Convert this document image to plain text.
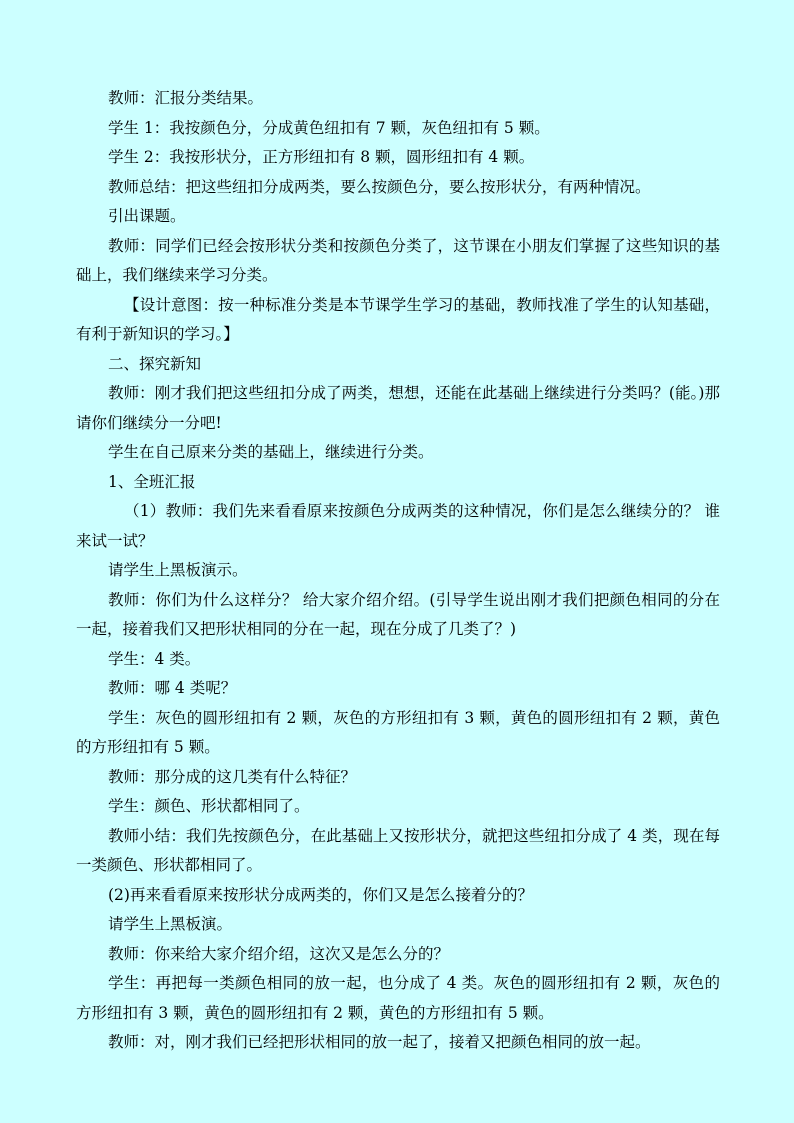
教师：汇报分类结果。

学生 1：我按颜色分，分成黄色纽扣有 7 颗，灰色纽扣有 5 颗。

学生 2：我按形状分，正方形纽扣有 8 颗，圆形纽扣有 4 颗。

教师总结：把这些纽扣分成两类，要么按颜色分，要么按形状分，有两种情况。

引出课题。

教师：同学们已经会按形状分类和按颜色分类了，这节课在小朋友们掌握了这些知识的基础上，我们继续来学习分类。

【设计意图：按一种标准分类是本节课学生学习的基础，教师找准了学生的认知基础，有利于新知识的学习。】

二、探究新知

教师：刚才我们把这些纽扣分成了两类，想想，还能在此基础上继续进行分类吗？(能。)那请你们继续分一分吧!

学生在自己原来分类的基础上，继续进行分类。

1、全班汇报

（1）教师：我们先来看看原来按颜色分成两类的这种情况，你们是怎么继续分的？ 谁来试一试？

请学生上黑板演示。

教师：你们为什么这样分？ 给大家介绍介绍。(引导学生说出刚才我们把颜色相同的分在一起，接着我们又把形状相同的分在一起，现在分成了几类了？)

学生：4 类。

教师：哪 4 类呢？

学生：灰色的圆形纽扣有 2 颗，灰色的方形纽扣有 3 颗，黄色的圆形纽扣有 2 颗，黄色的方形纽扣有 5 颗。

教师：那分成的这几类有什么特征？

学生：颜色、形状都相同了。

教师小结：我们先按颜色分，在此基础上又按形状分，就把这些纽扣分成了 4 类，现在每一类颜色、形状都相同了。

(2)再来看看原来按形状分成两类的，你们又是怎么接着分的？

请学生上黑板演。

教师：你来给大家介绍介绍，这次又是怎么分的？

学生：再把每一类颜色相同的放一起，也分成了 4 类。灰色的圆形纽扣有 2 颗，灰色的方形纽扣有 3 颗，黄色的圆形纽扣有 2 颗，黄色的方形纽扣有 5 颗。

教师：对，刚才我们已经把形状相同的放一起了，接着又把颜色相同的放一起。
